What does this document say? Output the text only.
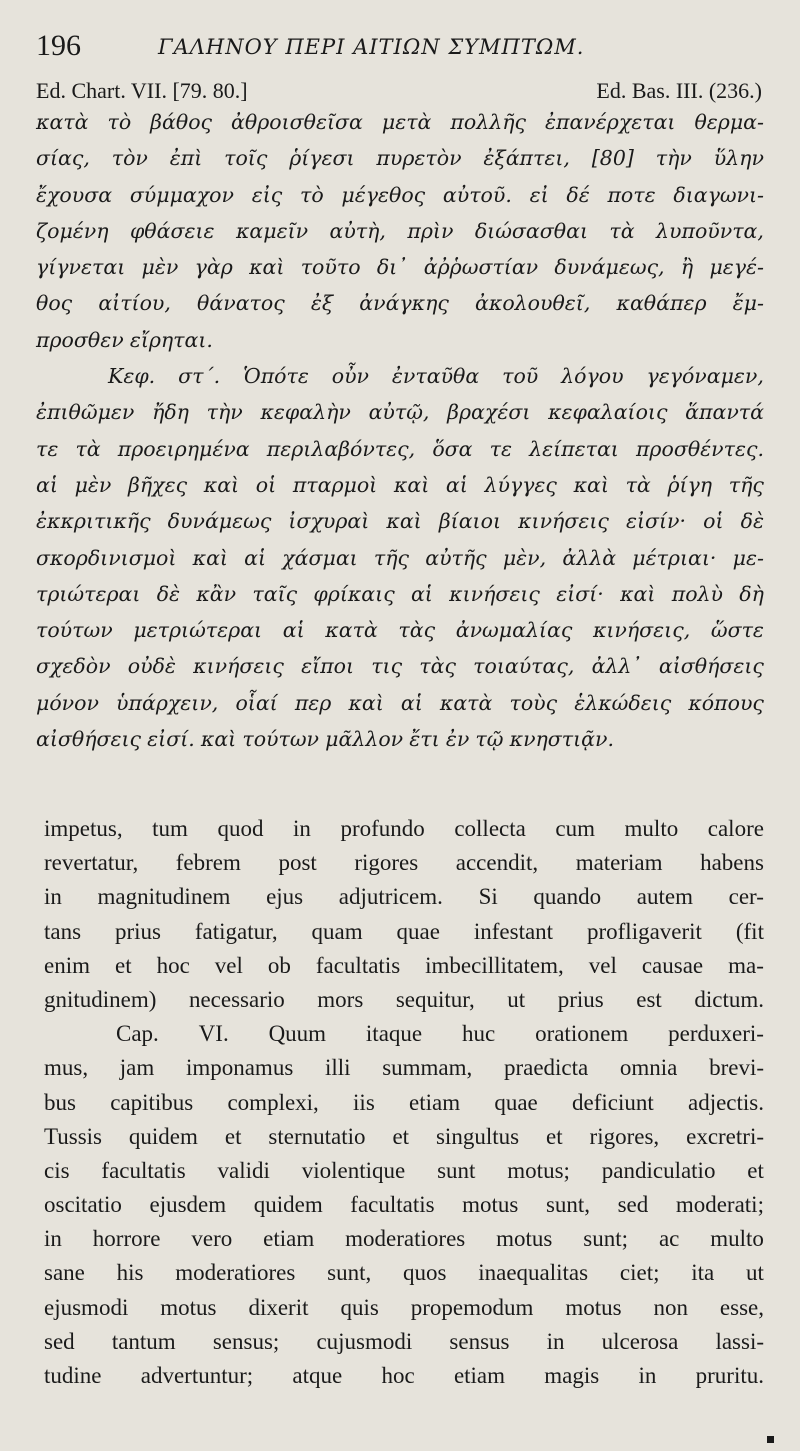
196	ΓΑΛΗΝΟΥ ΠΕΡΙ ΑΙΤΙΩΝ ΣΥΜΠΤΩΜ.
Ed. Chart. VII. [79. 80.]	Ed. Bas. III. (236.)
κατὰ τὸ βάθος ἀθροισθεῖσα μετὰ πολλῆς ἐπανέρχεται θερμα-
σίας, τὸν ἐπὶ τοῖς ῥίγεσι πυρετὸν ἐξάπτει, [80] τὴν ὕλην
ἔχουσα σύμμαχον εἰς τὸ μέγεθος αὐτοῦ. εἰ δέ ποτε διαγωνι-
ζομένη φθάσειε καμεῖν αὐτὴ, πρὶν διώσασθαι τὰ λυποῦντα,
γίγνεται μὲν γὰρ καὶ τοῦτο δι᾽ ἀῤῥωστίαν δυνάμεως, ἢ μεγέ-
θος αἰτίου, θάνατος ἐξ ἀνάγκης ἀκολουθεῖ, καθάπερ ἔμ-
προσθεν εἴρηται.
Κεφ. στ΄. Ὁπότε οὖν ἐνταῦθα τοῦ λόγου γεγόναμεν,
ἐπιθῶμεν ἤδη τὴν κεφαλὴν αὐτῷ, βραχέσι κεφαλαίοις ἅπαντά
τε τὰ προειρημένα περιλαβόντες, ὅσα τε λείπεται προσθέντες.
αἱ μὲν βῆχες καὶ οἱ πταρμοὶ καὶ αἱ λύγγες καὶ τὰ ῥίγη τῆς
ἐκκριτικῆς δυνάμεως ἰσχυραὶ καὶ βίαιοι κινήσεις εἰσίν· οἱ δὲ
σκορδινισμοὶ καὶ αἱ χάσμαι τῆς αὐτῆς μὲν, ἀλλὰ μέτριαι· με-
τριώτεραι δὲ κἂν ταῖς φρίκαις αἱ κινήσεις εἰσί· καὶ πολὺ δὴ
τούτων μετριώτεραι αἱ κατὰ τὰς ἀνωμαλίας κινήσεις, ὥστε
σχεδὸν οὐδὲ κινήσεις εἴποι τις τὰς τοιαύτας, ἀλλ᾽ αἰσθήσεις
μόνον ὑπάρχειν, οἷαί περ καὶ αἱ κατὰ τοὺς ἑλκώδεις κόπους
αἰσθήσεις εἰσί. καὶ τούτων μᾶλλον ἔτι ἐν τῷ κνηστιᾷν.
impetus, tum quod in profundo collecta cum multo calore
revertatur, febrem post rigores accendit, materiam habens
in magnitudinem ejus adjutricem. Si quando autem cer-
tans prius fatigatur, quam quae infestant profligaverit (fit
enim et hoc vel ob facultatis imbecillitatem, vel causae ma-
gnitudinem) necessario mors sequitur, ut prius est dictum.
Cap. VI. Quum itaque huc orationem perduxeri-
mus, jam imponamus illi summam, praedicta omnia brevi-
bus capitibus complexi, iis etiam quae deficiunt adjectis.
Tussis quidem et sternutatio et singultus et rigores, excretri-
cis facultatis validi violentique sunt motus; pandiculatio et
oscitatio ejusdem quidem facultatis motus sunt, sed moderati;
in horrore vero etiam moderatiores motus sunt; ac multo
sane his moderatiores sunt, quos inaequalitas ciet; ita ut
ejusmodi motus dixerit quis propemodum motus non esse,
sed tantum sensus; cujusmodi sensus in ulcerosa lassi-
tudine advertuntur; atque hoc etiam magis in pruritu.
